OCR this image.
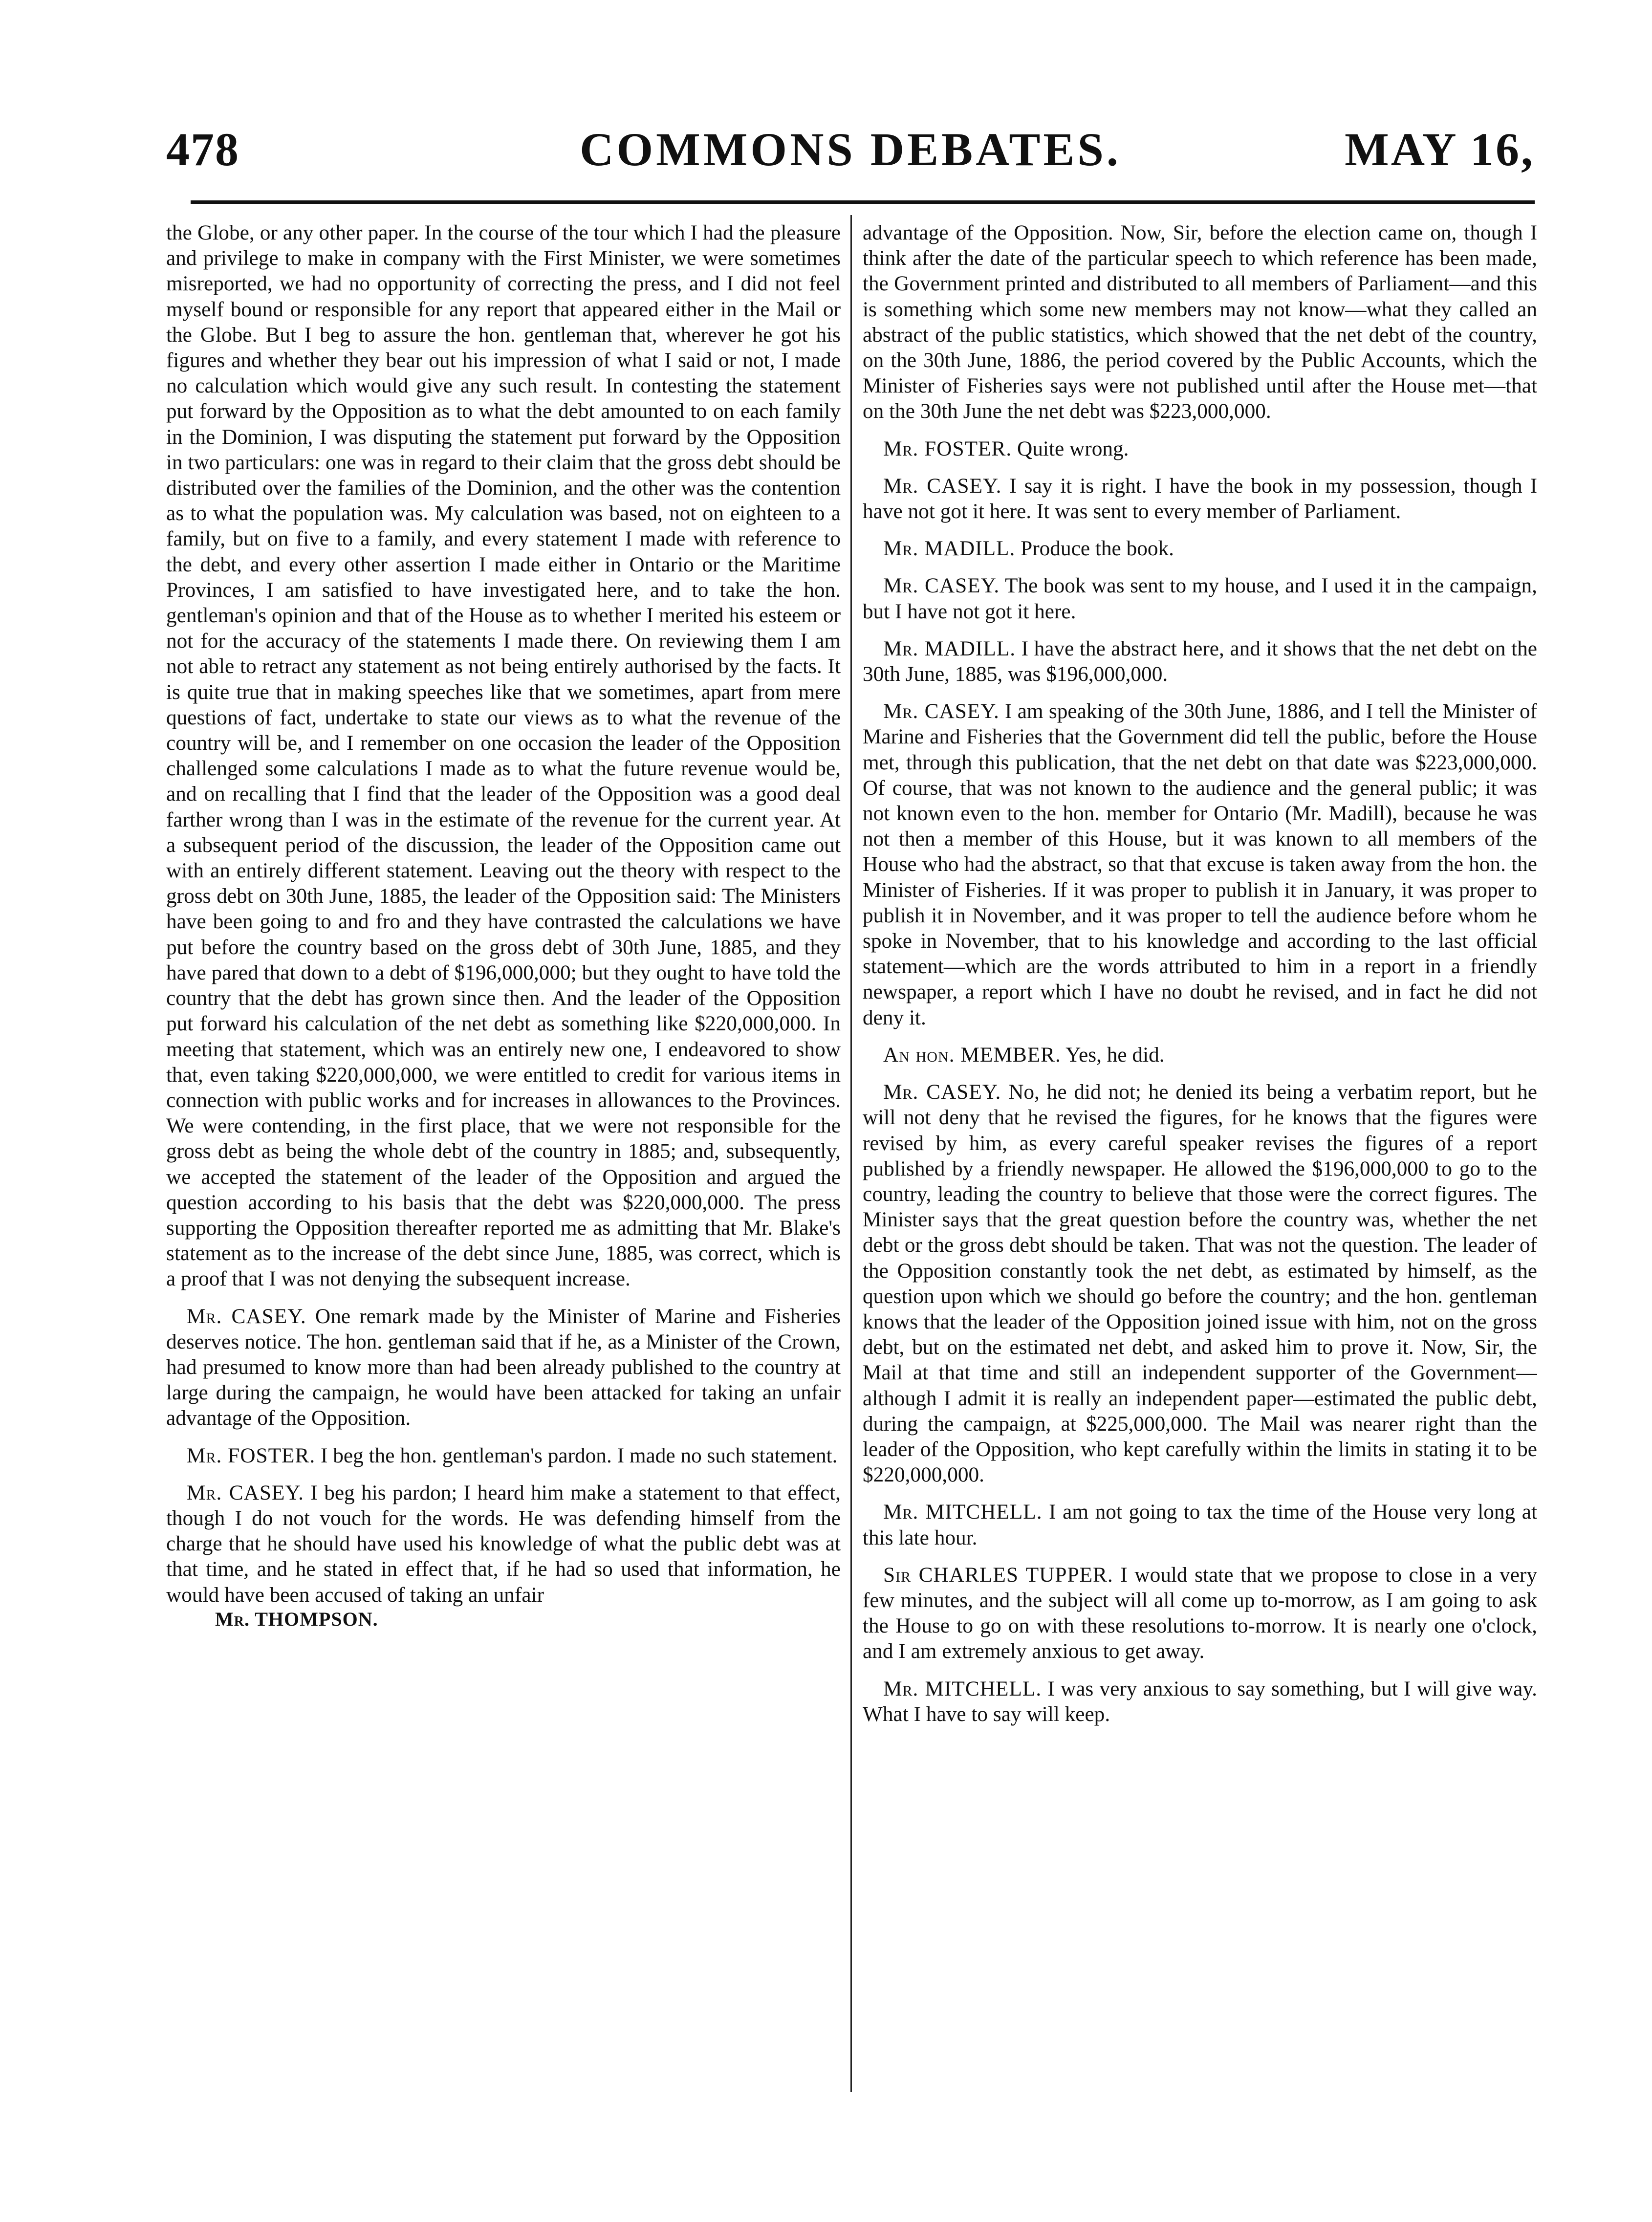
478	COMMONS DEBATES.	MAY 16,

the Globe, or any other paper. In the course of the tour which I had the pleasure and privilege to make in company with the First Minister, we were sometimes misreported, we had no opportunity of correcting the press, and I did not feel myself bound or responsible for any report that appeared either in the Mail or the Globe. But I beg to assure the hon. gentleman that, wherever he got his figures and whether they bear out his impression of what I said or not, I made no calculation which would give any such result. In contesting the statement put forward by the Opposition as to what the debt amounted to on each family in the Dominion, I was disputing the statement put forward by the Opposition in two particulars: one was in regard to their claim that the gross debt should be distributed over the families of the Dominion, and the other was the contention as to what the population was. My calculation was based, not on eighteen to a family, but on five to a family, and every statement I made with reference to the debt, and every other assertion I made either in Ontario or the Maritime Provinces, I am satisfied to have investigated here, and to take the hon. gentleman's opinion and that of the House as to whether I merited his esteem or not for the accuracy of the statements I made there. On reviewing them I am not able to retract any statement as not being entirely authorised by the facts. It is quite true that in making speeches like that we sometimes, apart from mere questions of fact, undertake to state our views as to what the revenue of the country will be, and I remember on one occasion the leader of the Opposition challenged some calculations I made as to what the future revenue would be, and on recalling that I find that the leader of the Opposition was a good deal farther wrong than I was in the estimate of the revenue for the current year. At a subsequent period of the discussion, the leader of the Opposition came out with an entirely different statement. Leaving out the theory with respect to the gross debt on 30th June, 1885, the leader of the Opposition said: The Ministers have been going to and fro and they have contrasted the calculations we have put before the country based on the gross debt of 30th June, 1885, and they have pared that down to a debt of $196,000,000; but they ought to have told the country that the debt has grown since then. And the leader of the Opposition put forward his calculation of the net debt as something like $220,000,000. In meeting that statement, which was an entirely new one, I endeavored to show that, even taking $220,000,000, we were entitled to credit for various items in connection with public works and for increases in allowances to the Provinces. We were contending, in the first place, that we were not responsible for the gross debt as being the whole debt of the country in 1885; and, subsequently, we accepted the statement of the leader of the Opposition and argued the question according to his basis that the debt was $220,000,000. The press supporting the Opposition thereafter reported me as admitting that Mr. Blake's statement as to the increase of the debt since June, 1885, was correct, which is a proof that I was not denying the subsequent increase.

Mr. CASEY. One remark made by the Minister of Marine and Fisheries deserves notice. The hon. gentleman said that if he, as a Minister of the Crown, had presumed to know more than had been already published to the country at large during the campaign, he would have been attacked for taking an unfair advantage of the Opposition.

Mr. FOSTER. I beg the hon. gentleman's pardon. I made no such statement.

Mr. CASEY. I beg his pardon; I heard him make a statement to that effect, though I do not vouch for the words. He was defending himself from the charge that he should have used his knowledge of what the public debt was at that time, and he stated in effect that, if he had so used that information, he would have been accused of taking an unfair

Mr. THOMPSON.

advantage of the Opposition. Now, Sir, before the election came on, though I think after the date of the particular speech to which reference has been made, the Government printed and distributed to all members of Parliament—and this is something which some new members may not know—what they called an abstract of the public statistics, which showed that the net debt of the country, on the 30th June, 1886, the period covered by the Public Accounts, which the Minister of Fisheries says were not published until after the House met—that on the 30th June the net debt was $223,000,000.

Mr. FOSTER. Quite wrong.

Mr. CASEY. I say it is right. I have the book in my possession, though I have not got it here. It was sent to every member of Parliament.

Mr. MADILL. Produce the book.

Mr. CASEY. The book was sent to my house, and I used it in the campaign, but I have not got it here.

Mr. MADILL. I have the abstract here, and it shows that the net debt on the 30th June, 1885, was $196,000,000.

Mr. CASEY. I am speaking of the 30th June, 1886, and I tell the Minister of Marine and Fisheries that the Government did tell the public, before the House met, through this publication, that the net debt on that date was $223,000,000. Of course, that was not known to the audience and the general public; it was not known even to the hon. member for Ontario (Mr. Madill), because he was not then a member of this House, but it was known to all members of the House who had the abstract, so that that excuse is taken away from the hon. the Minister of Fisheries. If it was proper to publish it in January, it was proper to publish it in November, and it was proper to tell the audience before whom he spoke in November, that to his knowledge and according to the last official statement—which are the words attributed to him in a report in a friendly newspaper, a report which I have no doubt he revised, and in fact he did not deny it.

An hon. MEMBER. Yes, he did.

Mr. CASEY. No, he did not; he denied its being a verbatim report, but he will not deny that he revised the figures, for he knows that the figures were revised by him, as every careful speaker revises the figures of a report published by a friendly newspaper. He allowed the $196,000,000 to go to the country, leading the country to believe that those were the correct figures. The Minister says that the great question before the country was, whether the net debt or the gross debt should be taken. That was not the question. The leader of the Opposition constantly took the net debt, as estimated by himself, as the question upon which we should go before the country; and the hon. gentleman knows that the leader of the Opposition joined issue with him, not on the gross debt, but on the estimated net debt, and asked him to prove it. Now, Sir, the Mail at that time and still an independent supporter of the Government—although I admit it is really an independent paper—estimated the public debt, during the campaign, at $225,000,000. The Mail was nearer right than the leader of the Opposition, who kept carefully within the limits in stating it to be $220,000,000.

Mr. MITCHELL. I am not going to tax the time of the House very long at this late hour.

Sir CHARLES TUPPER. I would state that we propose to close in a very few minutes, and the subject will all come up to-morrow, as I am going to ask the House to go on with these resolutions to-morrow. It is nearly one o'clock, and I am extremely anxious to get away.

Mr. MITCHELL. I was very anxious to say something, but I will give way. What I have to say will keep.
